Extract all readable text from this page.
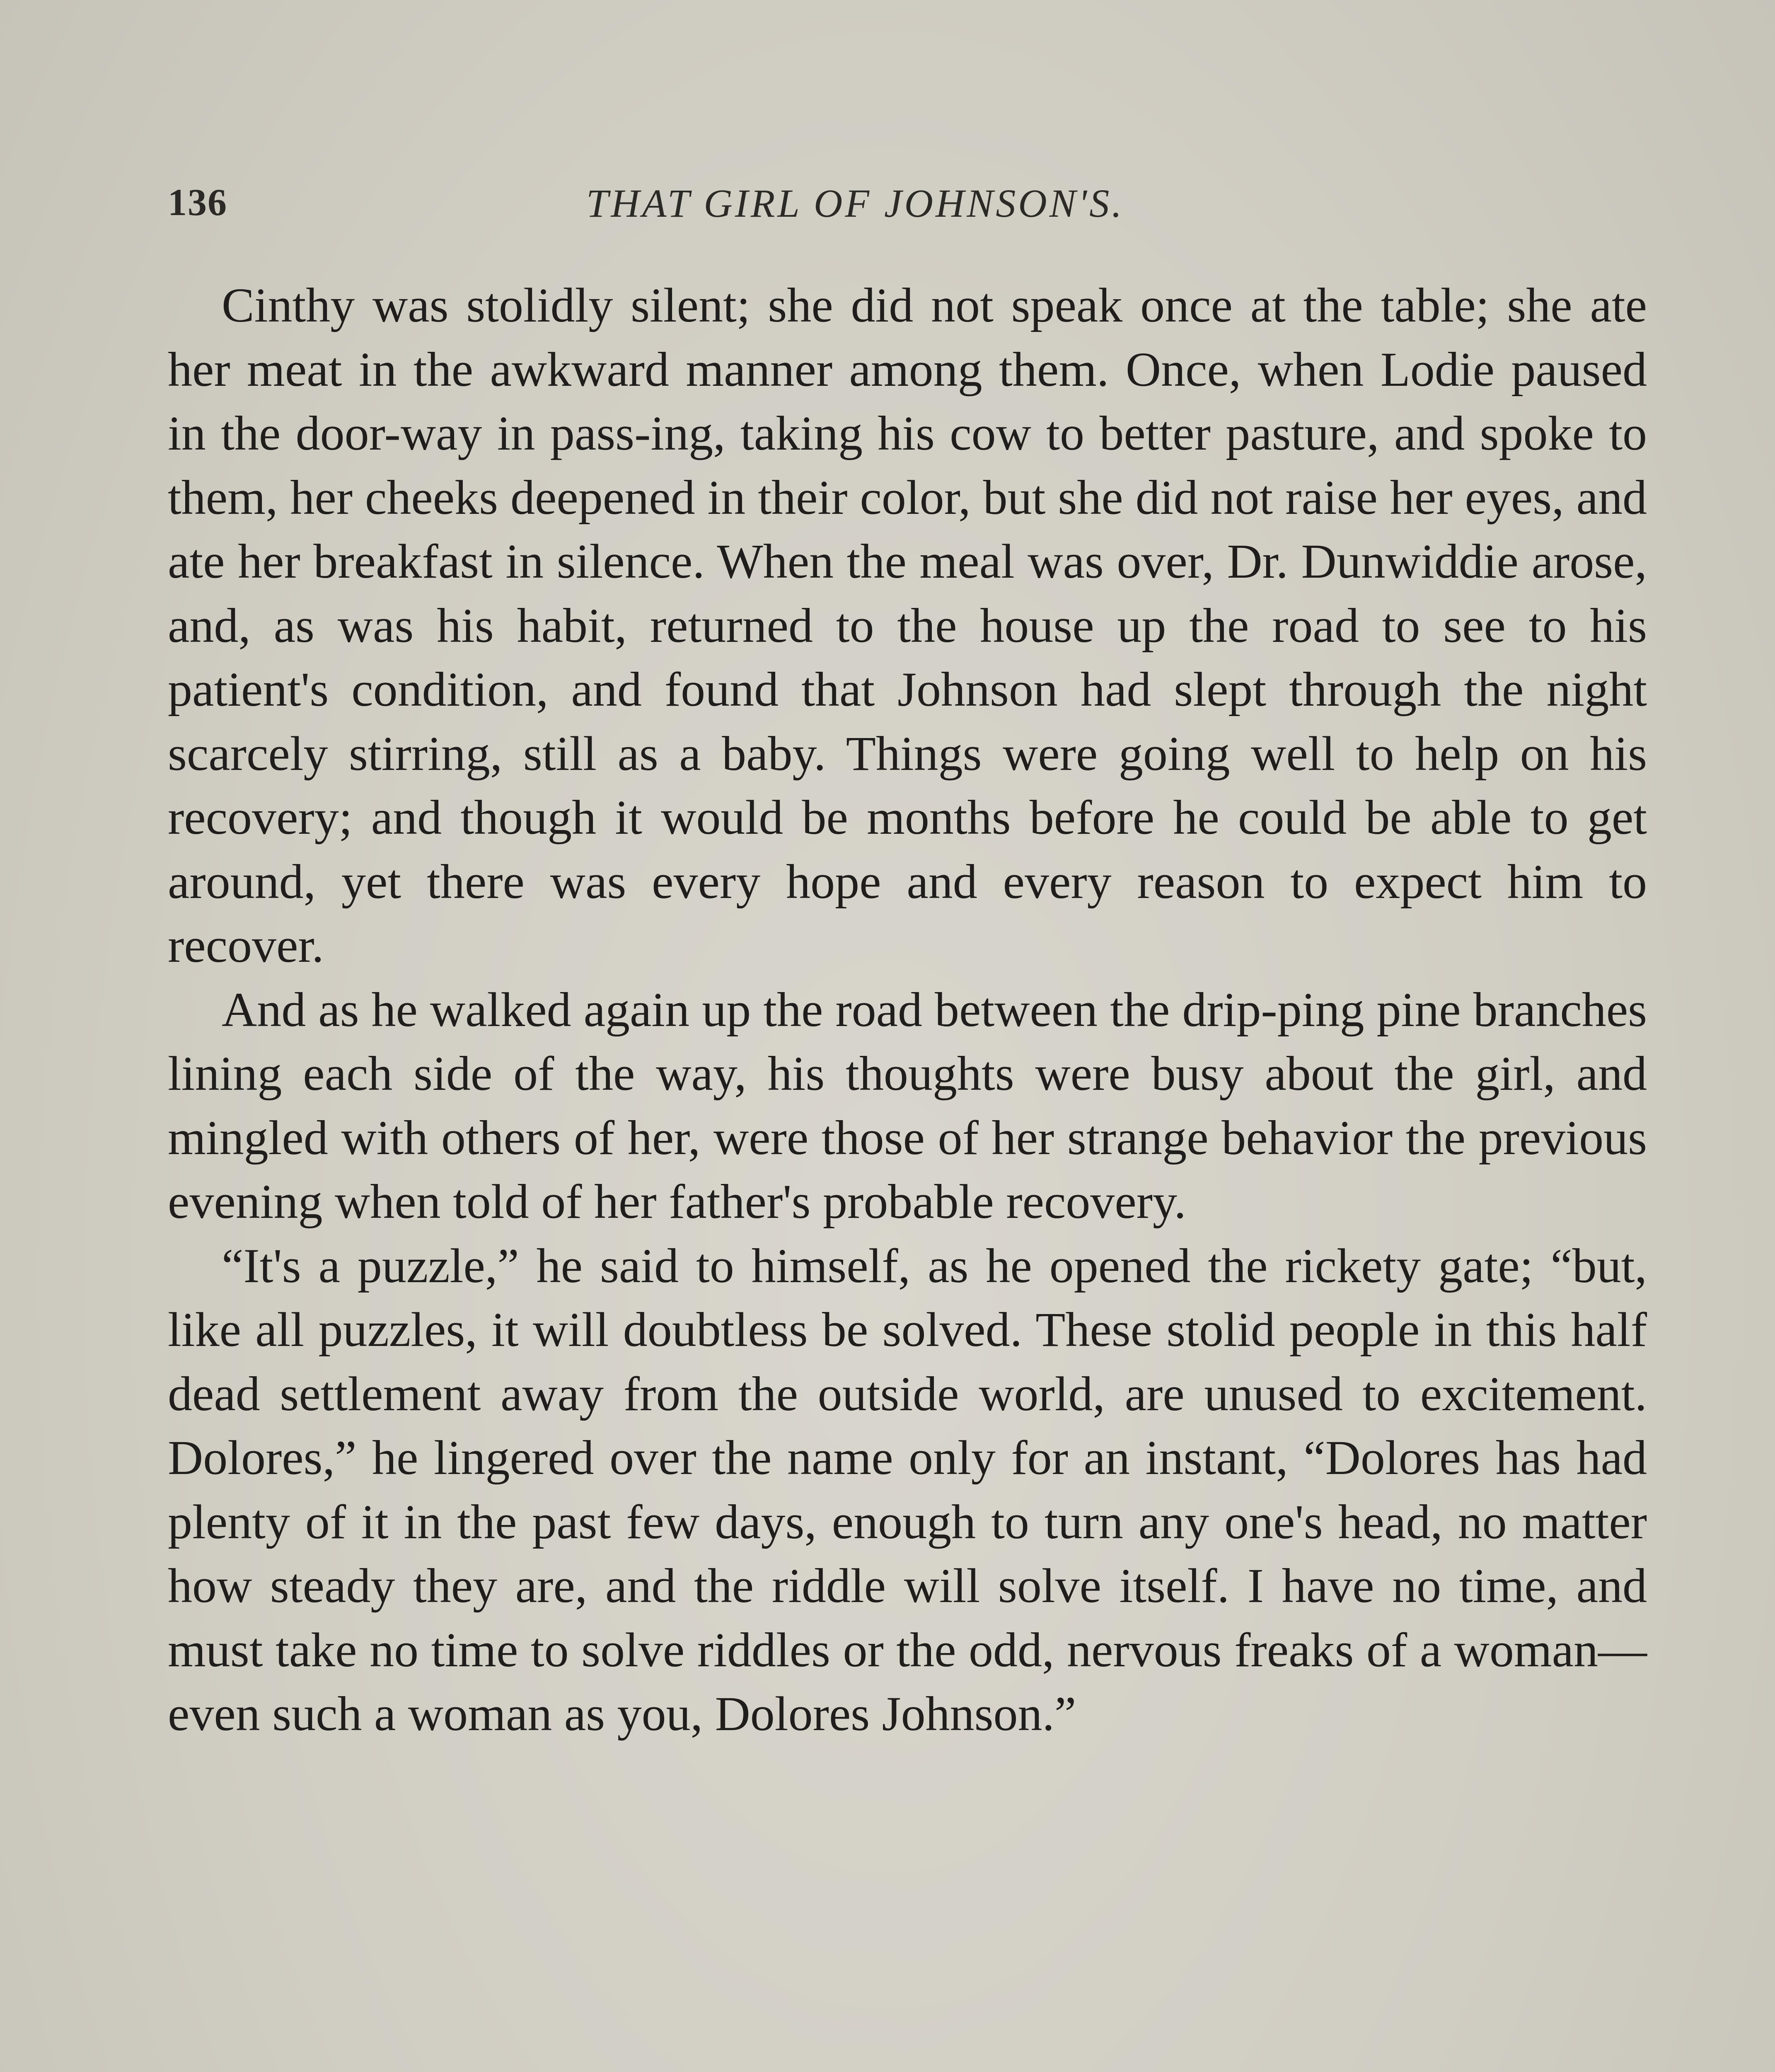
136	THAT GIRL OF JOHNSON'S.

Cinthy was stolidly silent; she did not speak once at the table; she ate her meat in the awkward manner among them. Once, when Lodie paused in the door-way in pass-ing, taking his cow to better pasture, and spoke to them, her cheeks deepened in their color, but she did not raise her eyes, and ate her breakfast in silence. When the meal was over, Dr. Dunwiddie arose, and, as was his habit, returned to the house up the road to see to his patient's condition, and found that Johnson had slept through the night scarcely stirring, still as a baby. Things were going well to help on his recovery; and though it would be months before he could be able to get around, yet there was every hope and every reason to expect him to recover.

And as he walked again up the road between the drip-ping pine branches lining each side of the way, his thoughts were busy about the girl, and mingled with others of her, were those of her strange behavior the previous evening when told of her father's probable recovery.

“It's a puzzle,” he said to himself, as he opened the rickety gate; “but, like all puzzles, it will doubtless be solved. These stolid people in this half dead settlement away from the outside world, are unused to excitement. Dolores,” he lingered over the name only for an instant, “Dolores has had plenty of it in the past few days, enough to turn any one's head, no matter how steady they are, and the riddle will solve itself. I have no time, and must take no time to solve riddles or the odd, nervous freaks of a woman—even such a woman as you, Dolores Johnson.”
